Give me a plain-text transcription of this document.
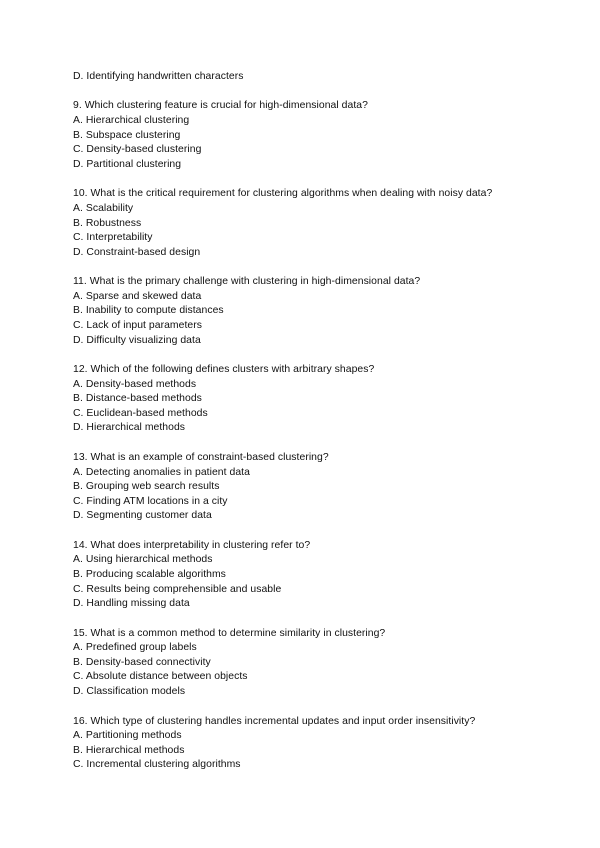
D. Identifying handwritten characters
9. Which clustering feature is crucial for high-dimensional data?
A. Hierarchical clustering
B. Subspace clustering
C. Density-based clustering
D. Partitional clustering
10. What is the critical requirement for clustering algorithms when dealing with noisy data?
A. Scalability
B. Robustness
C. Interpretability
D. Constraint-based design
11. What is the primary challenge with clustering in high-dimensional data?
A. Sparse and skewed data
B. Inability to compute distances
C. Lack of input parameters
D. Difficulty visualizing data
12. Which of the following defines clusters with arbitrary shapes?
A. Density-based methods
B. Distance-based methods
C. Euclidean-based methods
D. Hierarchical methods
13. What is an example of constraint-based clustering?
A. Detecting anomalies in patient data
B. Grouping web search results
C. Finding ATM locations in a city
D. Segmenting customer data
14. What does interpretability in clustering refer to?
A. Using hierarchical methods
B. Producing scalable algorithms
C. Results being comprehensible and usable
D. Handling missing data
15. What is a common method to determine similarity in clustering?
A. Predefined group labels
B. Density-based connectivity
C. Absolute distance between objects
D. Classification models
16. Which type of clustering handles incremental updates and input order insensitivity?
A. Partitioning methods
B. Hierarchical methods
C. Incremental clustering algorithms
